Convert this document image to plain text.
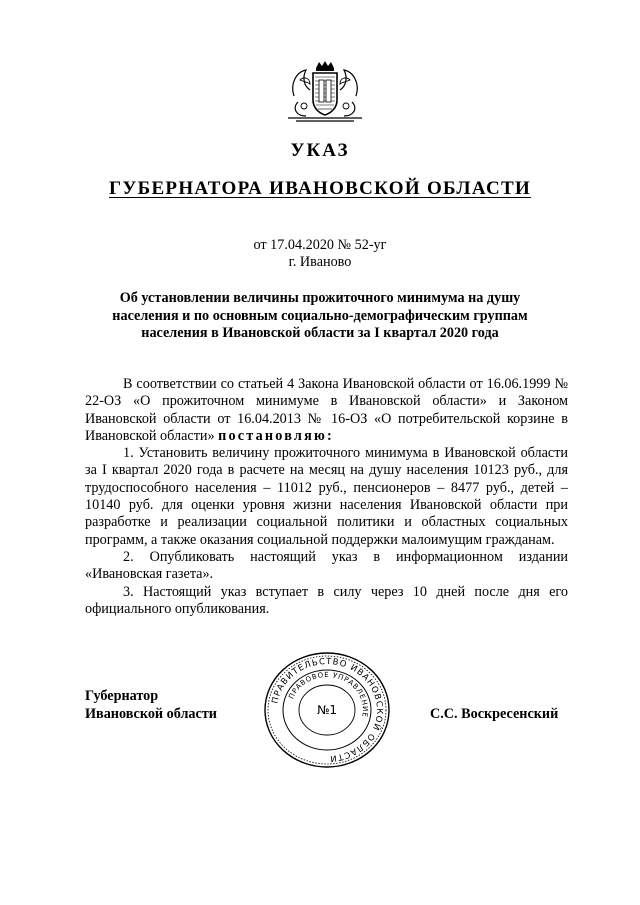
УКАЗ
ГУБЕРНАТОРА ИВАНОВСКОЙ ОБЛАСТИ
от 17.04.2020 № 52-уг
г. Иваново
Об установлении величины прожиточного минимума на душу населения и по основным социально-демографическим группам населения в Ивановской области за I квартал 2020 года

В соответствии со статьей 4 Закона Ивановской области от 16.06.1999 № 22-ОЗ «О прожиточном минимуме в Ивановской области» и Законом Ивановской области от 16.04.2013 № 16-ОЗ «О потребительской корзине в Ивановской области» постановляю:

1. Установить величину прожиточного минимума в Ивановской области за I квартал 2020 года в расчете на месяц на душу населения 10123 руб., для трудоспособного населения – 11012 руб., пенсионеров – 8477 руб., детей – 10140 руб. для оценки уровня жизни населения Ивановской области при разработке и реализации социальной политики и областных социальных программ, а также оказания социальной поддержки малоимущим гражданам.

2. Опубликовать настоящий указ в информационном издании «Ивановская газета».

3. Настоящий указ вступает в силу через 10 дней после дня его официального опубликования.

Губернатор
Ивановской области
ПРАВИТЕЛЬСТВО ИВАНОВСКОЙ ОБЛАСТИ
ПРАВОВОЕ УПРАВЛЕНИЕ
№1	С.С. Воскресенский
